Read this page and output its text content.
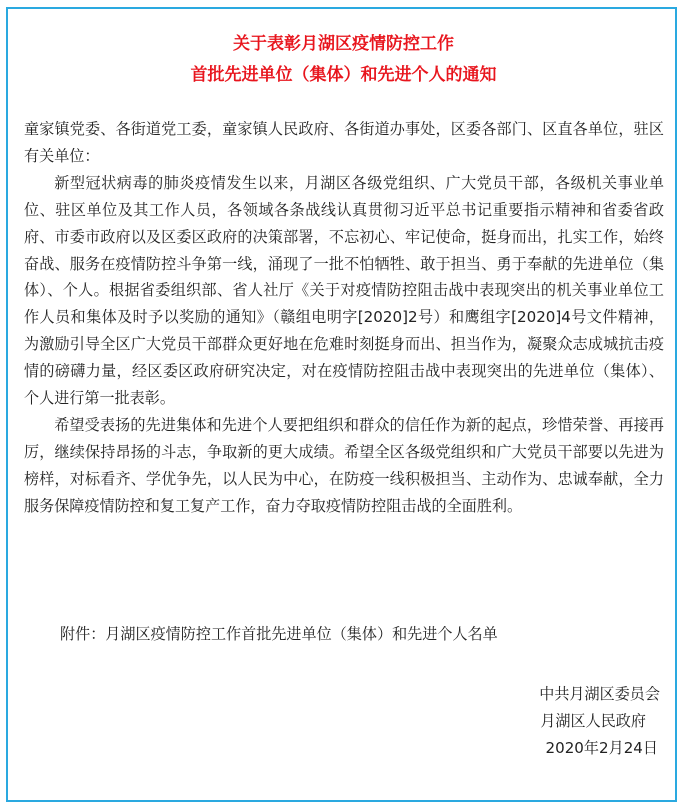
关于表彰月湖区疫情防控工作
首批先进单位（集体）和先进个人的通知

童家镇党委、各街道党工委，童家镇人民政府、各街道办事处，区委各部门、区直各单位，驻区有关单位：

新型冠状病毒的肺炎疫情发生以来，月湖区各级党组织、广大党员干部，各级机关事业单位、驻区单位及其工作人员，各领域各条战线认真贯彻习近平总书记重要指示精神和省委省政府、市委市政府以及区委区政府的决策部署，不忘初心、牢记使命，挺身而出，扎实工作，始终奋战、服务在疫情防控斗争第一线，涌现了一批不怕牺牲、敢于担当、勇于奉献的先进单位（集体）、个人。根据省委组织部、省人社厅《关于对疫情防控阻击战中表现突出的机关事业单位工作人员和集体及时予以奖励的通知》（赣组电明字[2020]2号）和鹰组字[2020]4号文件精神，为激励引导全区广大党员干部群众更好地在危难时刻挺身而出、担当作为，凝聚众志成城抗击疫情的磅礴力量，经区委区政府研究决定，对在疫情防控阻击战中表现突出的先进单位（集体）、个人进行第一批表彰。

希望受表扬的先进集体和先进个人要把组织和群众的信任作为新的起点，珍惜荣誉、再接再厉，继续保持昂扬的斗志，争取新的更大成绩。希望全区各级党组织和广大党员干部要以先进为榜样，对标看齐、学优争先，以人民为中心，在防疫一线积极担当、主动作为、忠诚奉献，全力服务保障疫情防控和复工复产工作，奋力夺取疫情防控阻击战的全面胜利。

附件：月湖区疫情防控工作首批先进单位（集体）和先进个人名单
中共月湖区委员会
月湖区人民政府
2020年2月24日
